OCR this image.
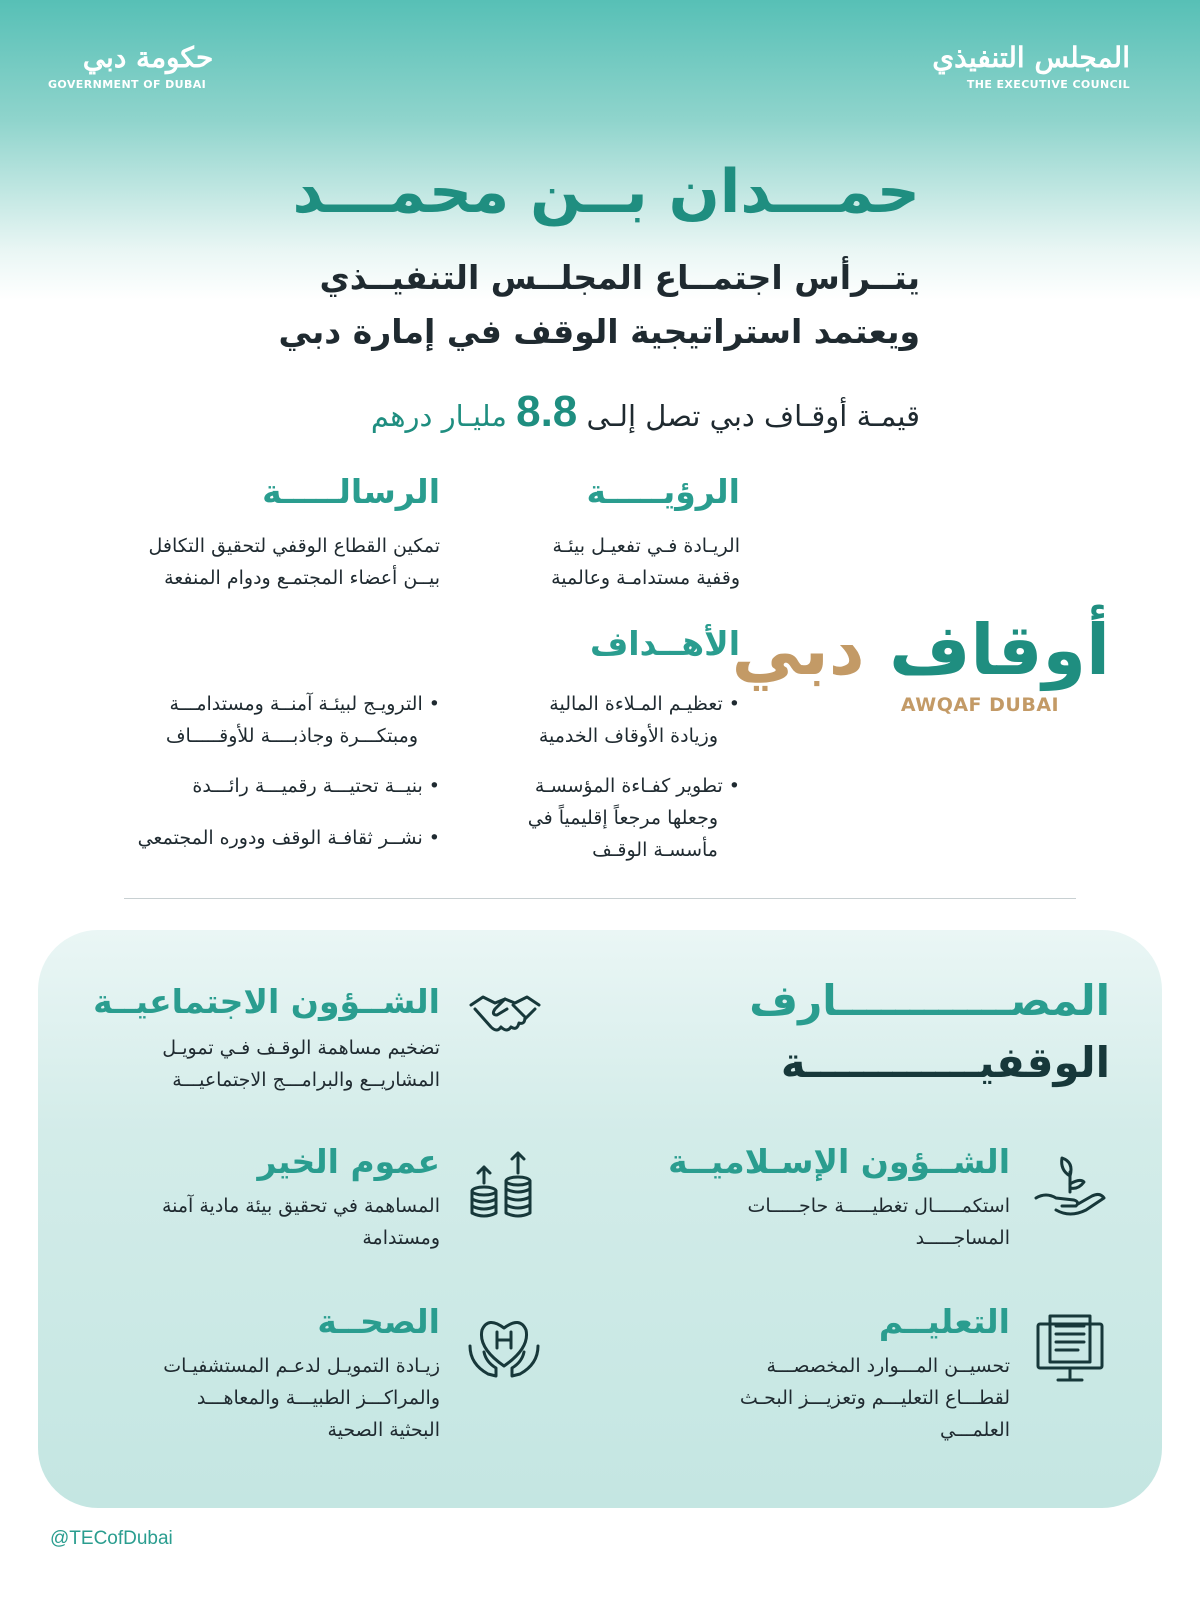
المجلس التنفيذي
THE EXECUTIVE COUNCIL
حكومة دبي
GOVERNMENT OF DUBAI
حمـــدان بــن محمـــد
يتــرأس اجتمــاع المجلــس التنفيــذي
ويعتمد استراتيجية الوقف في إمارة دبي
قيمـة أوقـاف دبي تصل إلـى 8.8 مليـار درهم
الرؤيـــــة
الريـادة فـي تفعيـل بيئـة
وقفية مستدامـة وعالمية
الرسالـــــة
تمكين القطاع الوقفي لتحقيق التكافل
بيــن أعضاء المجتمـع ودوام المنفعة
الأهــداف
• تعظيـم المـلاءة المالية
وزيادة الأوقاف الخدمية
• تطوير كفـاءة المؤسسـة
وجعلها مرجعاً إقليمياً في
مأسسـة الوقـف
• الترويـج لبيئـة آمنــة ومستدامـــة
ومبتكـــرة وجاذبــــة للأوقـــــاف
• بنيــة تحتيـــة رقميـــة رائـــدة
• نشــر ثقافـة الوقف ودوره المجتمعي
أوقاف دبي
AWQAF DUBAI
المصــــــــــــارف
الوقفيــــــــــــة
الشــؤون الاجتماعيــة
تضخيم مساهمة الوقـف فـي تمويـل
المشاريــع والبرامـــج الاجتماعيـــة
الشــؤون الإسـلاميــة
استكمـــــال تغطيـــــة حاجـــــات
المساجـــــد
عموم الخير
المساهمة في تحقيق بيئة مادية آمنة
ومستدامة
التعليــم
تحسيــن المـــوارد المخصصـــة
لقطـــاع التعليـــم وتعزيـــز البحـث
العلمـــي
الصحــة
زيـادة التمويـل لدعـم المستشفيـات
والمراكـــز الطبيـــة والمعاهـــد
البحثية الصحية
@TECofDubai
